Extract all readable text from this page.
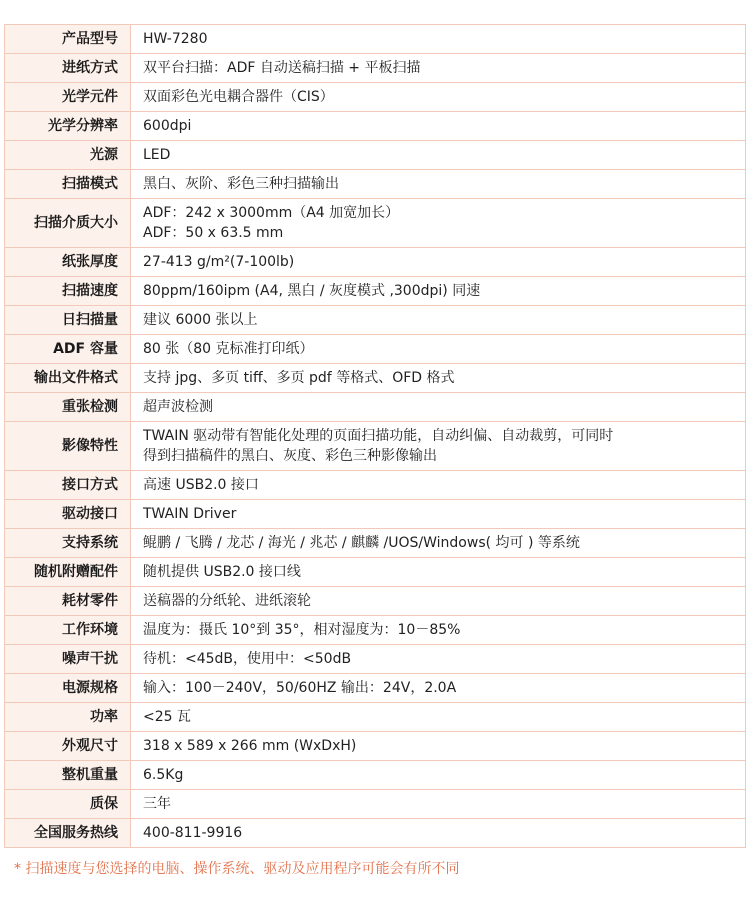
产品型号	HW-7280

进纸方式	双平台扫描：ADF 自动送稿扫描 + 平板扫描

光学元件	双面彩色光电耦合器件（CIS）

光学分辨率	600dpi

光源	LED

扫描模式	黑白、灰阶、彩色三种扫描输出

扫描介质大小	ADF：242 x 3000mm（A4 加宽加长）
ADF：50 x 63.5 mm

纸张厚度	27-413 g/m²(7-100lb)

扫描速度	80ppm/160ipm (A4, 黑白 / 灰度模式 ,300dpi) 同速

日扫描量	建议 6000 张以上

ADF 容量	80 张（80 克标准打印纸）

输出文件格式	支持 jpg、多页 tiff、多页 pdf 等格式、OFD 格式

重张检测	超声波检测

影像特性	TWAIN 驱动带有智能化处理的页面扫描功能，自动纠偏、自动裁剪，可同时
得到扫描稿件的黑白、灰度、彩色三种影像输出

接口方式	高速 USB2.0 接口

驱动接口	TWAIN Driver

支持系统	鲲鹏 / 飞腾 / 龙芯 / 海光 / 兆芯 / 麒麟 /UOS/Windows( 均可 ) 等系统

随机附赠配件	随机提供 USB2.0 接口线

耗材零件	送稿器的分纸轮、进纸滚轮

工作环境	温度为：摄氏 10°到 35°，相对湿度为：10－85%

噪声干扰	待机：<45dB，使用中：<50dB

电源规格	输入：100－240V，50/60HZ 输出：24V，2.0A

功率	<25 瓦

外观尺寸	318 x 589 x 266 mm (WxDxH)

整机重量	6.5Kg

质保	三年

全国服务热线	400-811-9916
* 扫描速度与您选择的电脑、操作系统、驱动及应用程序可能会有所不同
